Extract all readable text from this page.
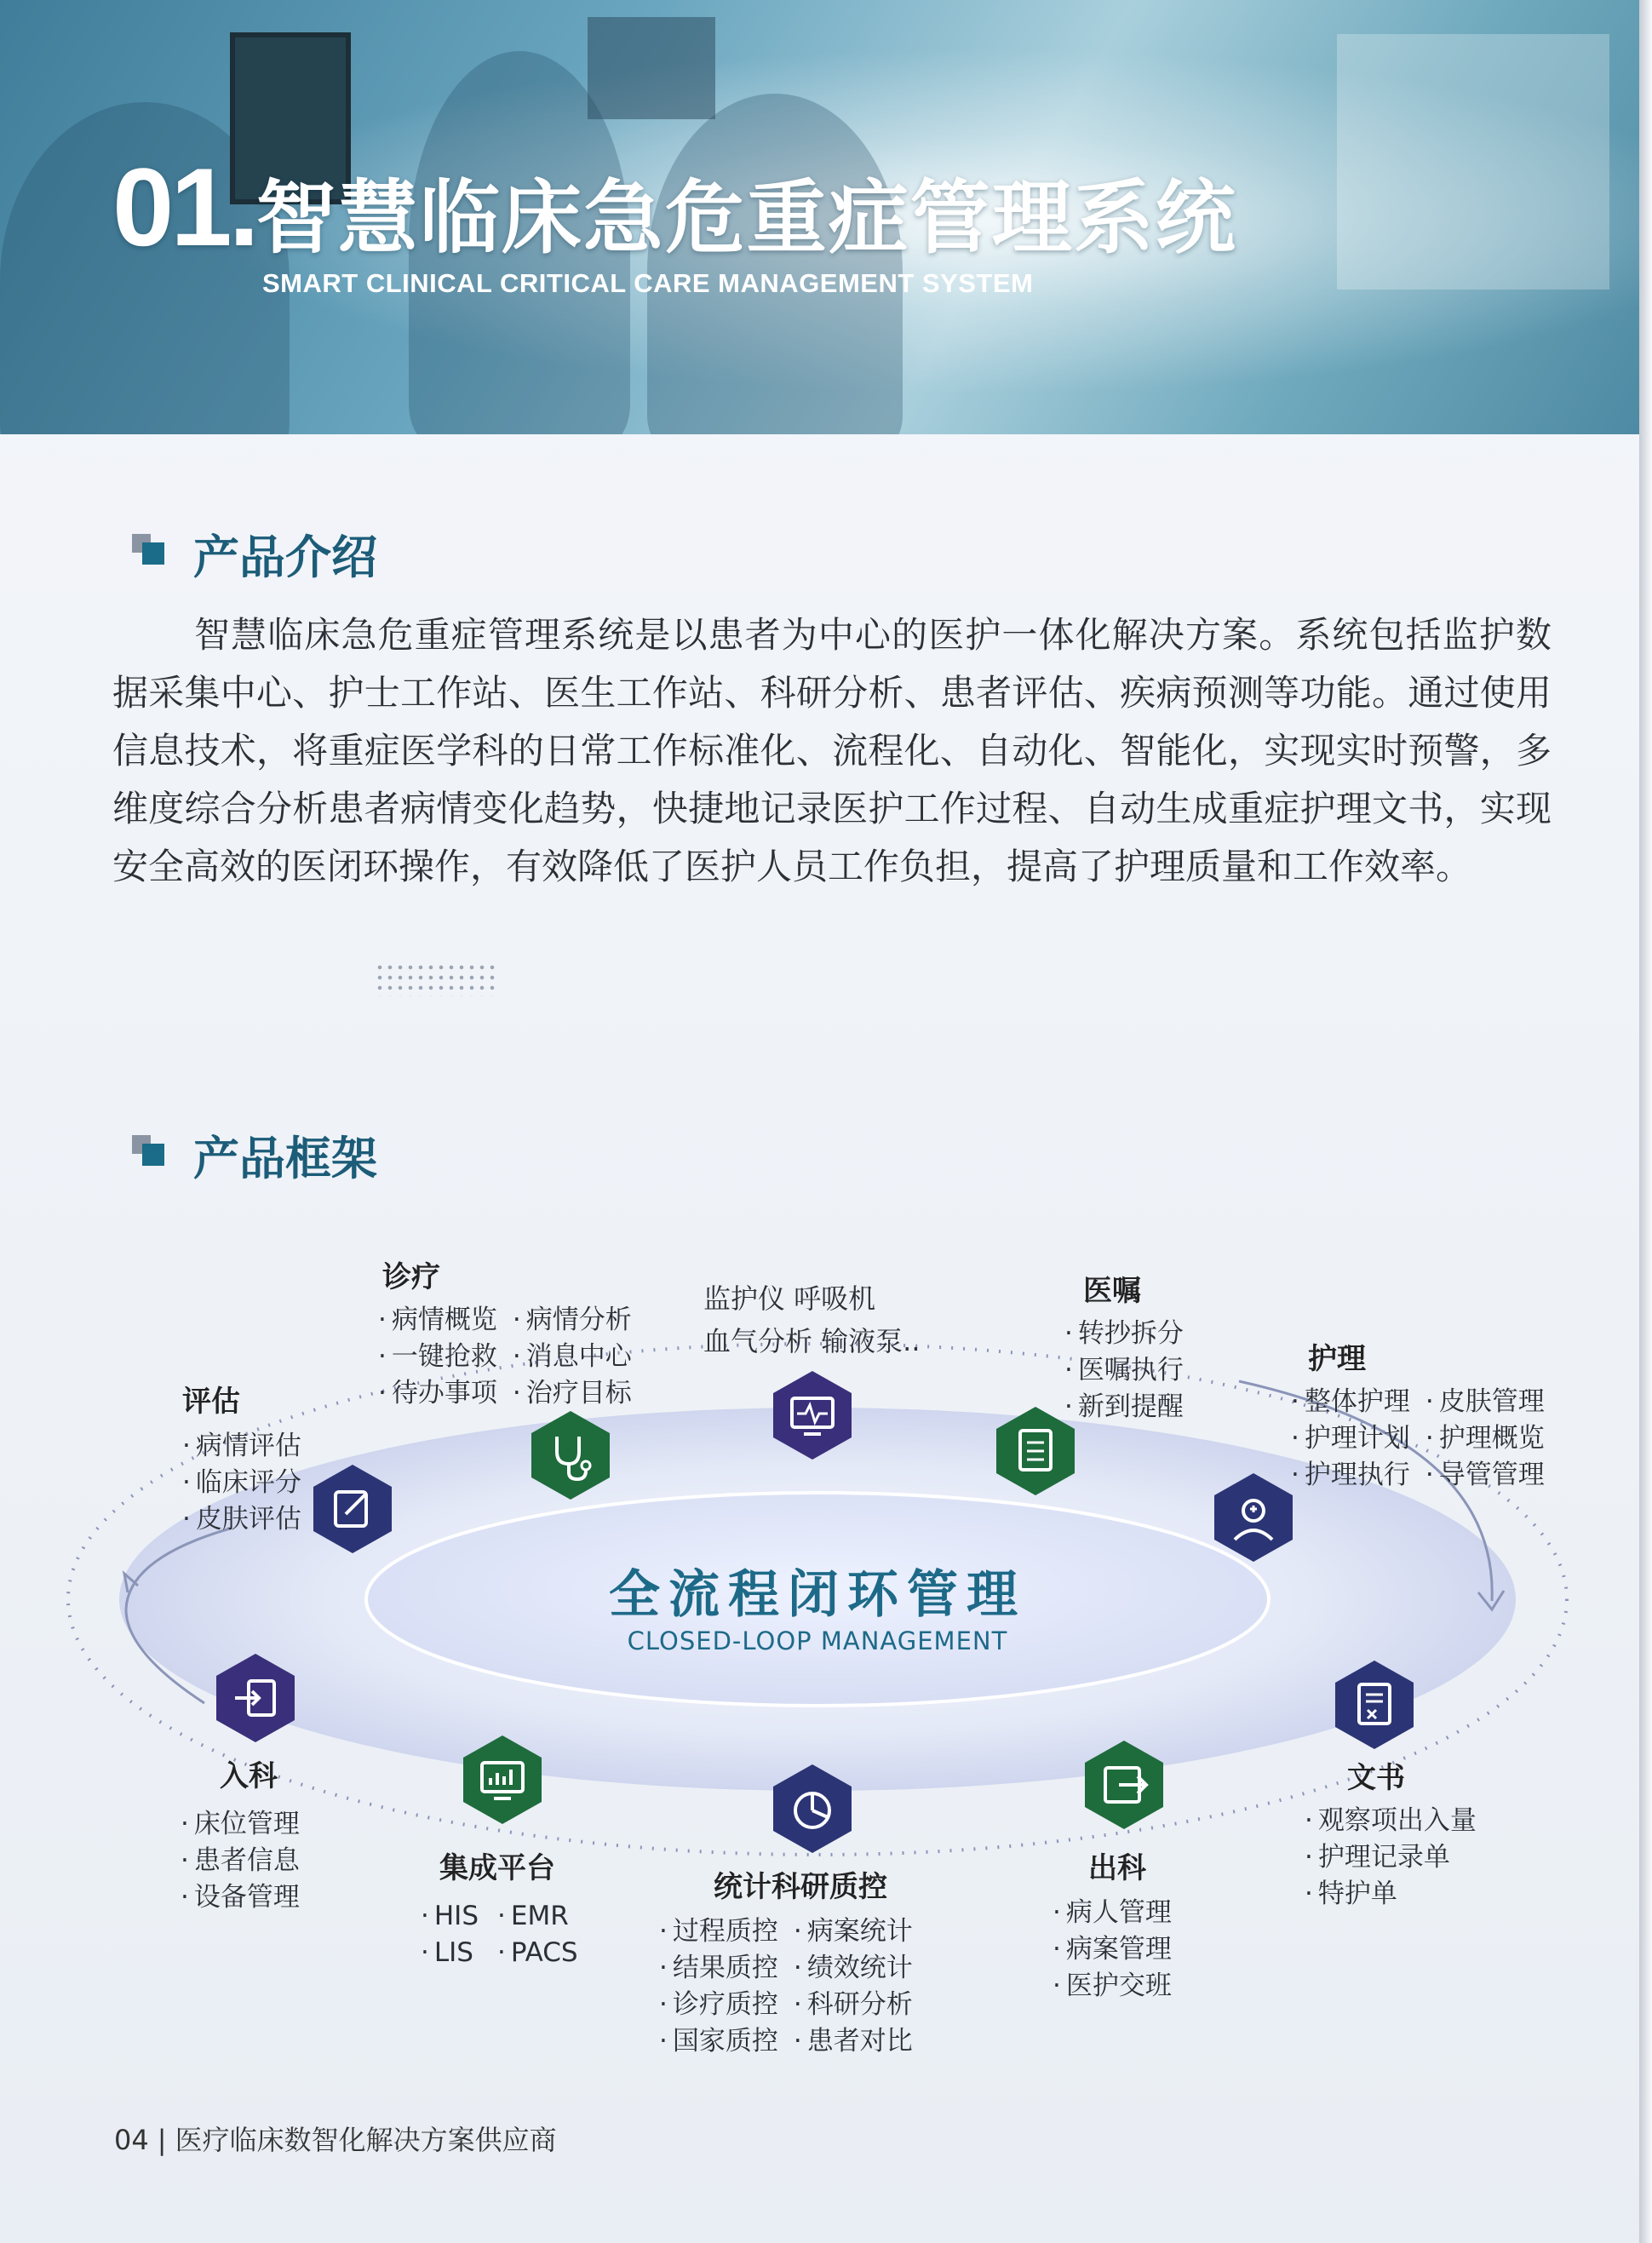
01.智慧临床急危重症管理系统
SMART CLINICAL CRITICAL CARE MANAGEMENT SYSTEM
产品介绍
智慧临床急危重症管理系统是以患者为中心的医护一体化解决方案。系统包括监护数据采集中心、护士工作站、医生工作站、科研分析、患者评估、疾病预测等功能。通过使用信息技术，将重症医学科的日常工作标准化、流程化、自动化、智能化，实现实时预警，多维度综合分析患者病情变化趋势，快捷地记录医护工作过程、自动生成重症护理文书，实现安全高效的医闭环操作，有效降低了医护人员工作负担，提高了护理质量和工作效率。
产品框架
全流程闭环管理
CLOSED-LOOP MANAGEMENT
评估
· 病情评估
· 临床评分
· 皮肤评估
诊疗
· 病情概览
· 一键抢救
· 待办事项
· 病情分析
· 消息中心
· 治疗目标
监护仪 呼吸机
血气分析 输液泵..
医嘱
· 转抄拆分
· 医嘱执行
· 新到提醒
护理
· 整体护理
· 护理计划
· 护理执行
· 皮肤管理
· 护理概览
· 导管管理
文书
· 观察项出入量
· 护理记录单
· 特护单
出科
· 病人管理
· 病案管理
· 医护交班
统计科研质控
· 过程质控
· 结果质控
· 诊疗质控
· 国家质控
· 病案统计
· 绩效统计
· 科研分析
· 患者对比
集成平台
· HIS
· LIS
· EMR
· PACS
入科
· 床位管理
· 患者信息
· 设备管理
04 | 医疗临床数智化解决方案供应商
